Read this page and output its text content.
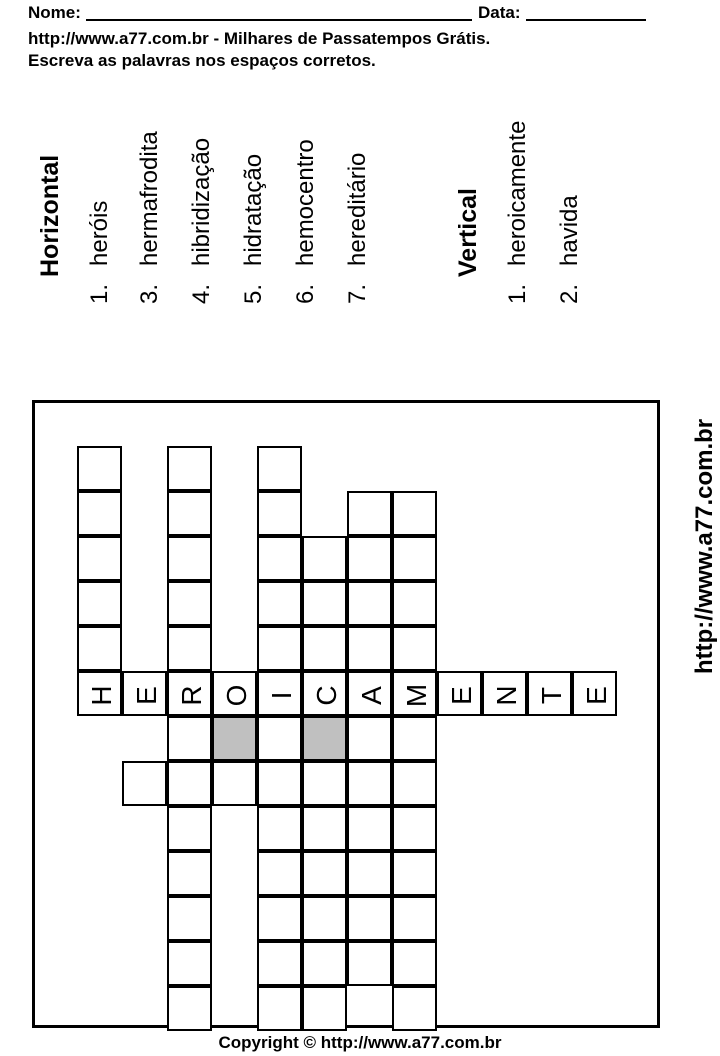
Nome:	Data:
http://www.a77.com.br - Milhares de Passatempos Grátis.
Escreva as palavras nos espaços corretos.
Horizontal
1.heróis
3.hermafrodita
4.hibridização
5.hidratação
6.hemocentro
7.hereditário	Vertical
1.heroicamente
2.havida
H R I C A M
E O	E N T E
http://www.a77.com.br
Copyright © http://www.a77.com.br
